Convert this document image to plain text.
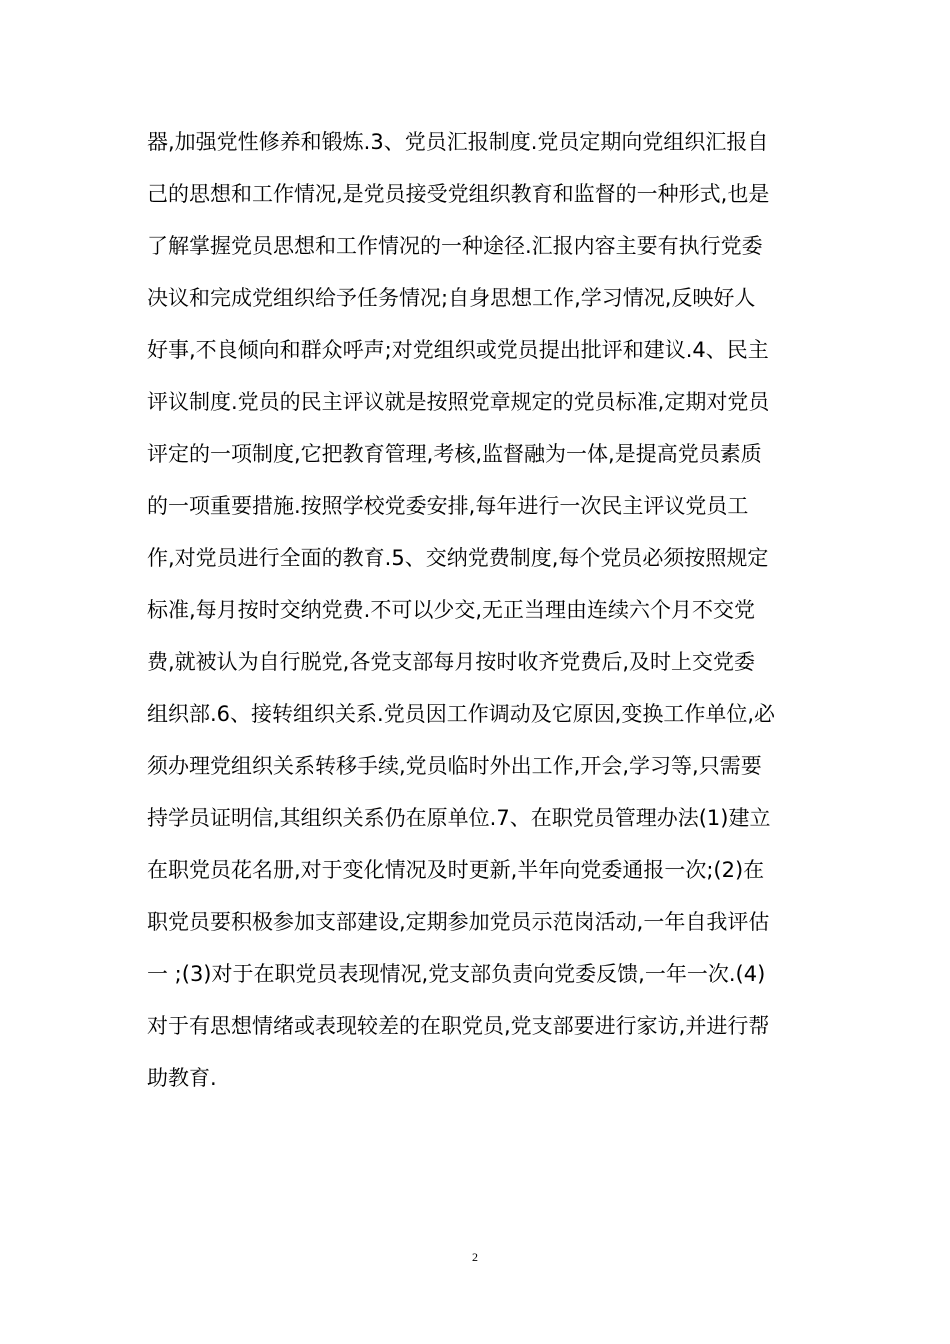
器,加强党性修养和锻炼.3、党员汇报制度.党员定期向党组织汇报自
己的思想和工作情况,是党员接受党组织教育和监督的一种形式,也是
了解掌握党员思想和工作情况的一种途径.汇报内容主要有执行党委
决议和完成党组织给予任务情况;自身思想工作,学习情况,反映好人
好事,不良倾向和群众呼声;对党组织或党员提出批评和建议.4、民主
评议制度.党员的民主评议就是按照党章规定的党员标准,定期对党员
评定的一项制度,它把教育管理,考核,监督融为一体,是提高党员素质
的一项重要措施.按照学校党委安排,每年进行一次民主评议党员工
作,对党员进行全面的教育.5、交纳党费制度,每个党员必须按照规定
标准,每月按时交纳党费.不可以少交,无正当理由连续六个月不交党
费,就被认为自行脱党,各党支部每月按时收齐党费后,及时上交党委
组织部.6、接转组织关系.党员因工作调动及它原因,变换工作单位,必
须办理党组织关系转移手续,党员临时外出工作,开会,学习等,只需要
持学员证明信,其组织关系仍在原单位.7、在职党员管理办法(1)建立
在职党员花名册,对于变化情况及时更新,半年向党委通报一次;(2)在
职党员要积极参加支部建设,定期参加党员示范岗活动,一年自我评估
一 ;(3)对于在职党员表现情况,党支部负责向党委反馈,一年一次.(4)
对于有思想情绪或表现较差的在职党员,党支部要进行家访,并进行帮
助教育.
2
